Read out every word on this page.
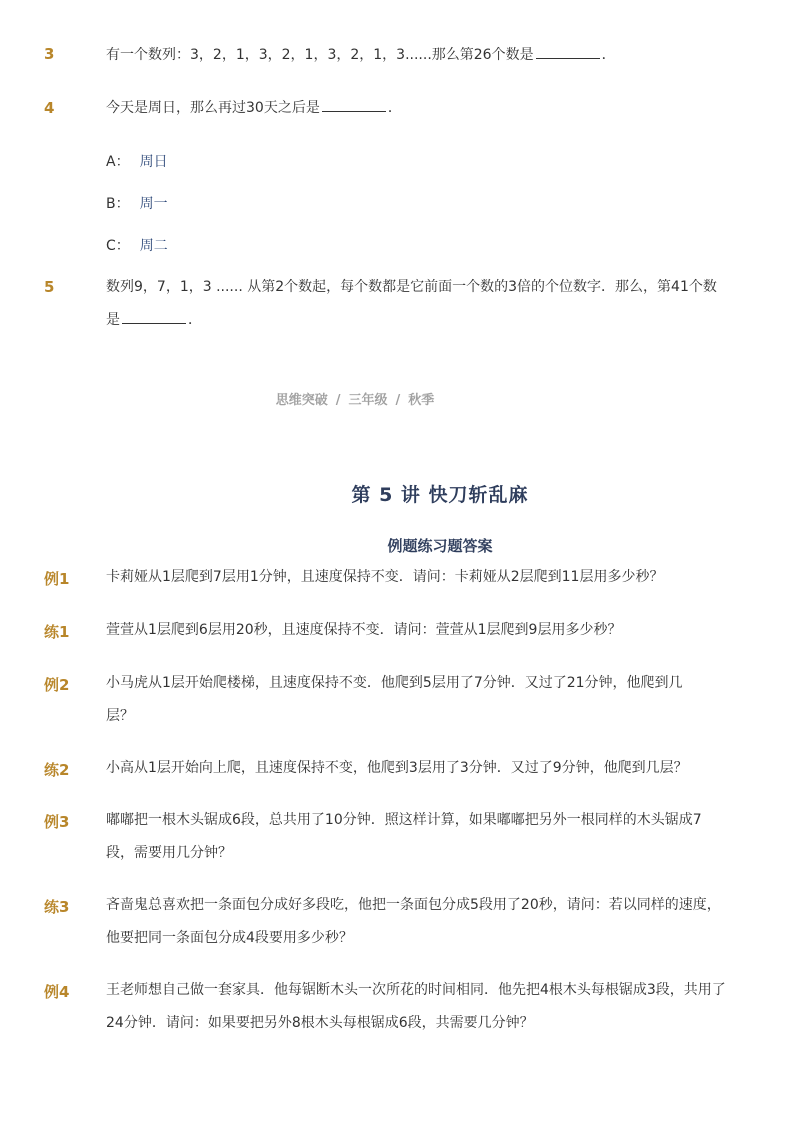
3	有一个数列：3，2，1，3，2，1，3，2，1，3......那么第26个数是	．
4	今天是周日，那么再过30天之后是	．
A： 周日
B： 周一
C： 周二
5	数列9，7，1，3 ...... 从第2个数起，每个数都是它前面一个数的3倍的个位数字．那么，第41个数
是	．
思维突破 / 三年级 / 秋季
第 5 讲 快刀斩乱麻
例题练习题答案
例1	卡莉娅从1层爬到7层用1分钟，且速度保持不变．请问：卡莉娅从2层爬到11层用多少秒？
练1	萱萱从1层爬到6层用20秒，且速度保持不变．请问：萱萱从1层爬到9层用多少秒？
例2	小马虎从1层开始爬楼梯，且速度保持不变．他爬到5层用了7分钟．又过了21分钟，他爬到几层？
练2	小高从1层开始向上爬，且速度保持不变，他爬到3层用了3分钟．又过了9分钟，他爬到几层？
例3	嘟嘟把一根木头锯成6段，总共用了10分钟．照这样计算，如果嘟嘟把另外一根同样的木头锯成7段，需要用几分钟？
练3	吝啬鬼总喜欢把一条面包分成好多段吃，他把一条面包分成5段用了20秒，请问：若以同样的速度，他要把同一条面包分成4段要用多少秒？
例4	王老师想自己做一套家具．他每锯断木头一次所花的时间相同．他先把4根木头每根锯成3段，共用了24分钟．请问：如果要把另外8根木头每根锯成6段，共需要几分钟？
